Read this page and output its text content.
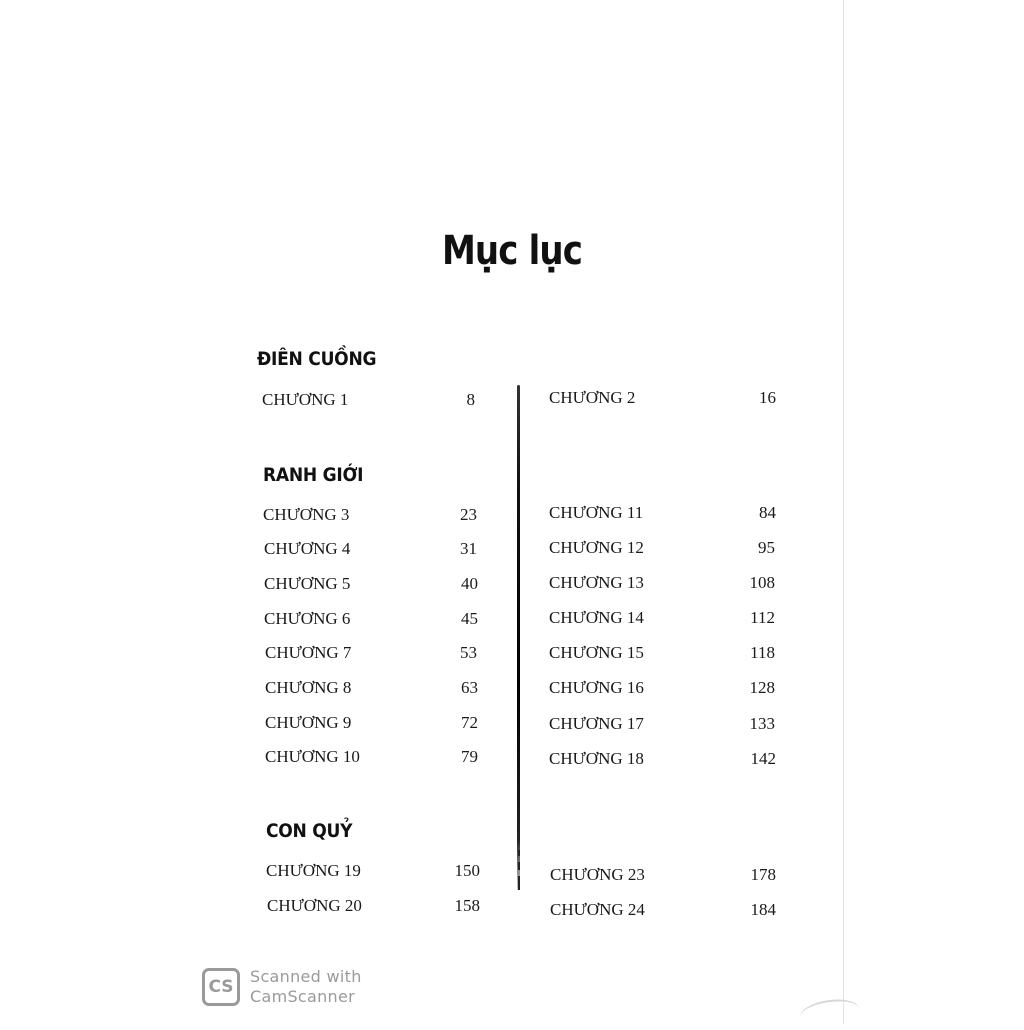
Mục lục
ĐIÊN CUỒNG
RANH GIỚI
CON QUỶ
CHƯƠNG 1	8
CHƯƠNG 3	23
CHƯƠNG 4	31
CHƯƠNG 5	40
CHƯƠNG 6	45
CHƯƠNG 7	53
CHƯƠNG 8	63
CHƯƠNG 9	72
CHƯƠNG 10	79
CHƯƠNG 19	150
CHƯƠNG 20	158
CHƯƠNG 2	16
CHƯƠNG 11	84
CHƯƠNG 12	95
CHƯƠNG 13	108
CHƯƠNG 14	112
CHƯƠNG 15	118
CHƯƠNG 16	128
CHƯƠNG 17	133
CHƯƠNG 18	142
CHƯƠNG 23	178
CHƯƠNG 24	184
CS
Scanned with
CamScanner
